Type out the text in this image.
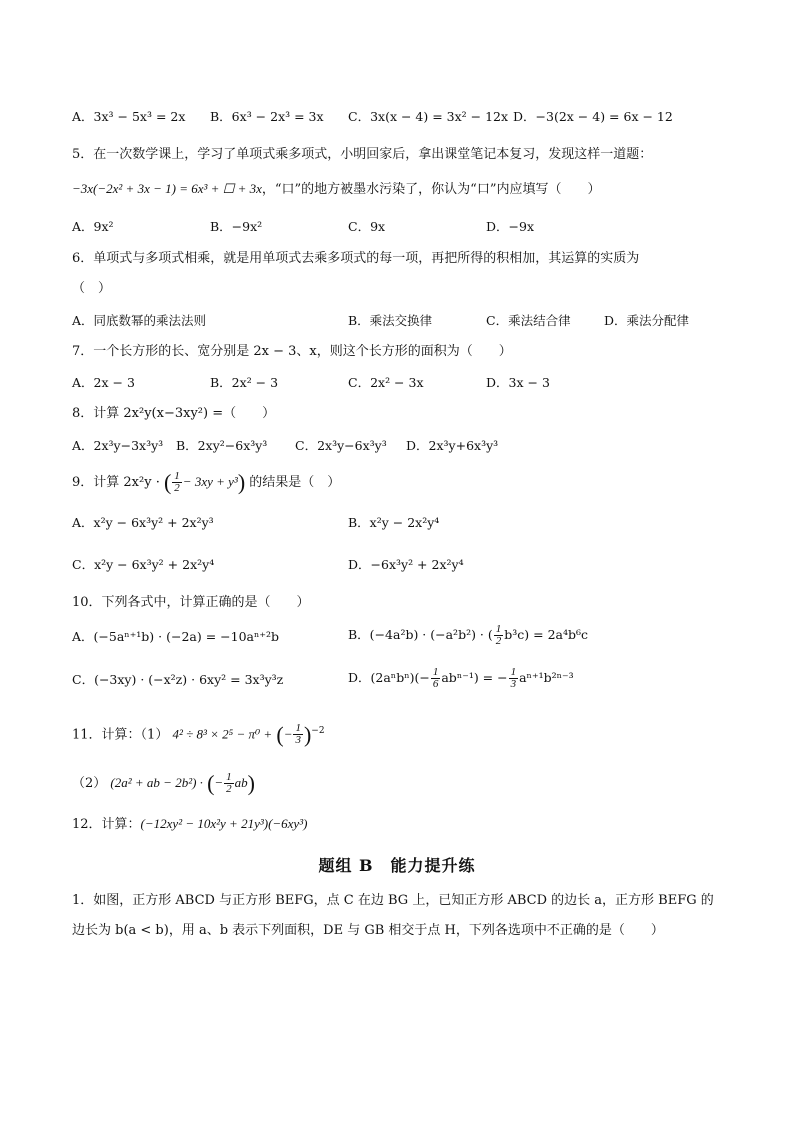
A．3x³ − 5x³ = 2x B．6x³ − 2x³ = 3x C．3x(x − 4) = 3x² − 12x D．−3(2x − 4) = 6x − 12
5．在一次数学课上，学习了单项式乘多项式，小明回家后，拿出课堂笔记本复习，发现这样一道题：
−3x(−2x² + 3x − 1) = 6x³ + ☐ + 3x，“口”的地方被墨水污染了，你认为“口”内应填写（　　）
A．9x²	B．−9x²	C．9x	D．−9x
6．单项式与多项式相乘，就是用单项式去乘多项式的每一项，再把所得的积相加，其运算的实质为
（　）
A．同底数幂的乘法法则	B．乘法交换律	C．乘法结合律	D．乘法分配律
7．一个长方形的长、宽分别是 2x − 3、x，则这个长方形的面积为（　　）
A．2x − 3	B．2x² − 3	C．2x² − 3x	D．3x − 3
8．计算 2x²y(x−3xy²) =（　　）
A．2x³y−3x³y³ B．2xy²−6x³y³ C．2x³y−6x³y³ D．2x³y+6x³y³
9．计算 2x²y · ( $\frac{1}{2} - 3xy + y^3$) 的结果是（　）
A．x²y − 6x³y² + 2x²y³	B．x²y − 2x²y⁴
C．x²y − 6x³y² + 2x²y⁴	D．−6x³y² + 2x²y⁴
10．下列各式中，计算正确的是（　　）
A．(−5aⁿ⁺¹b) · (−2a) = −10aⁿ⁺²b	B．(−4a²b) · (−a²b²) · ( $\frac{1}{2} b^3c) = 2a^4b^6c$
C．(−3xy) · (−x²z) · 6xy² = 3x³y³z	D．$(2a^nb^n)(- \frac{1}{6} ab^{n-1})$ = − $\frac{1}{3} a^{n+1}b^{2n-3}$
11．计算：（1） 4² ÷ 8³ × 2⁵ − π⁰ + (− $\frac{1}{3} )^{-2}$
（2） (2a² + ab − 2b²) · (− $\frac{1}{2} ab$)
12．计算：(−12xy² − 10x²y + 21y³)(−6xy³)
题组 B　能力提升练
1．如图，正方形 ABCD 与正方形 BEFG，点 C 在边 BG 上，已知正方形 ABCD 的边长 a，正方形 BEFG 的边长为 b(a < b)，用 a、b 表示下列面积，DE 与 GB 相交于点 H，下列各选项中不正确的是（　　）
